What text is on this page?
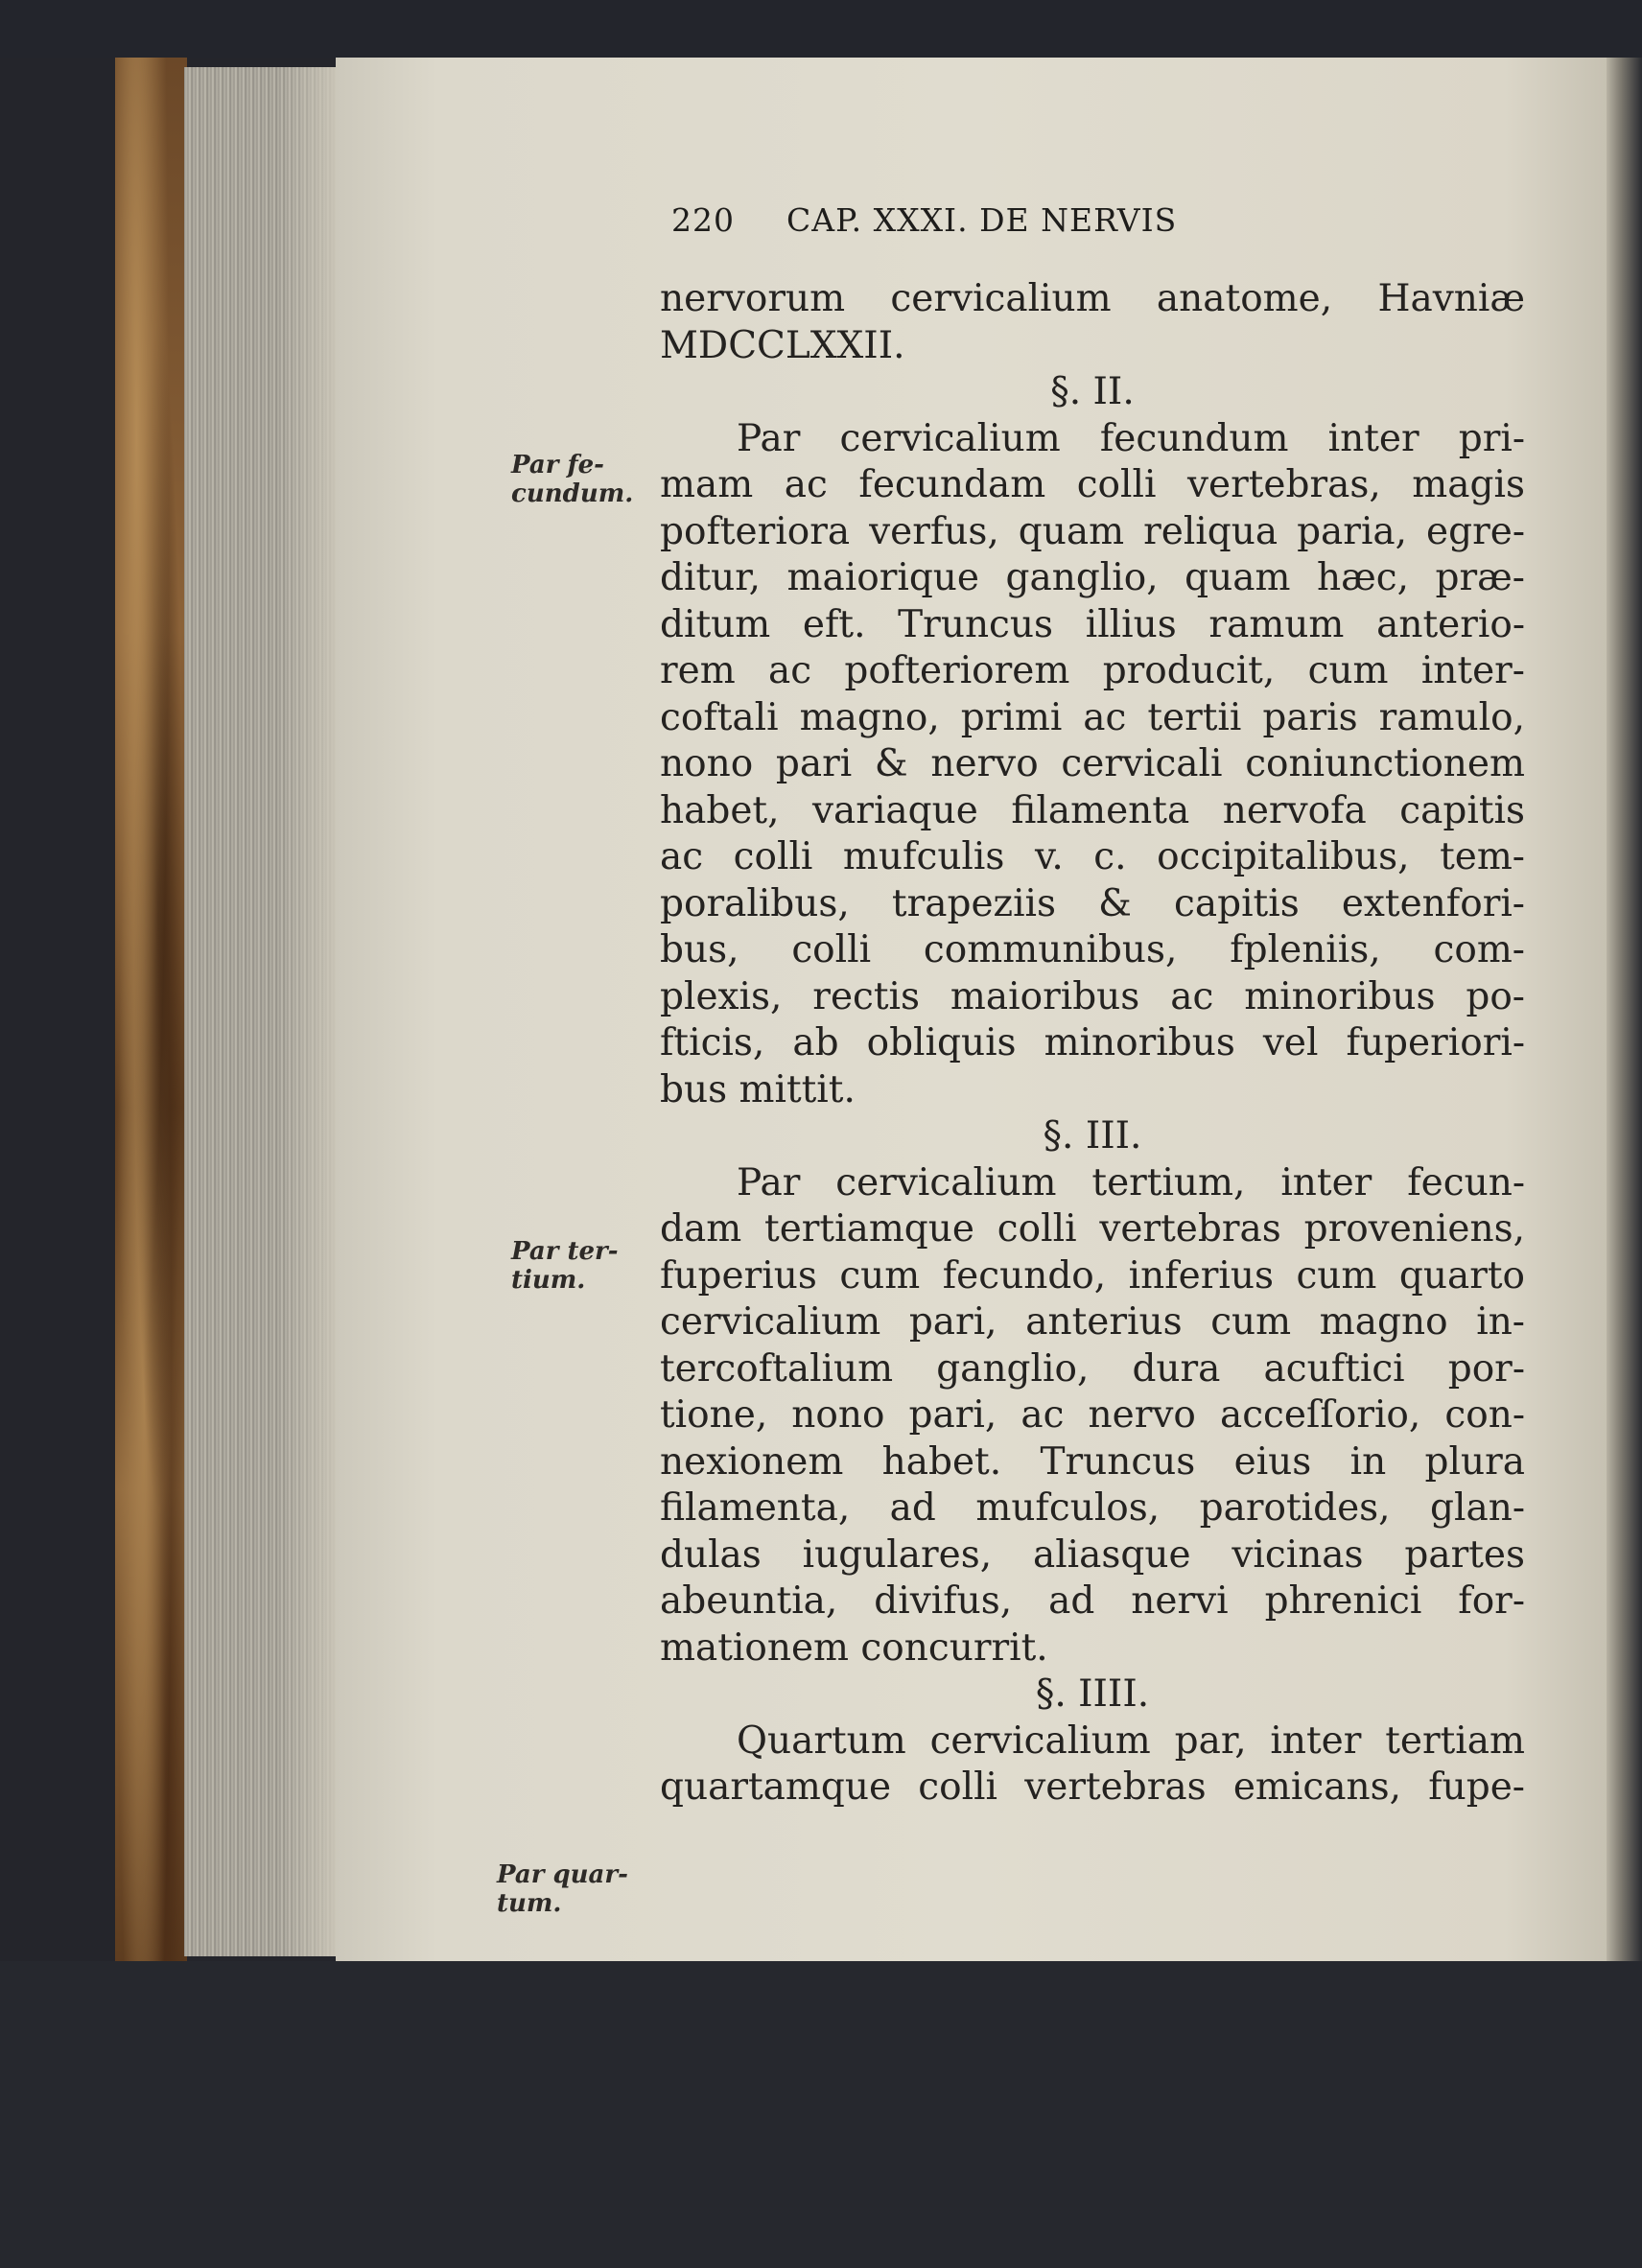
220 CAP. XXXI. DE NERVIS
Par fe-
cundum.
Par ter-
tium.
Par quar-
tum.
nervorum cervicalium anatome, Havniæ
MDCCLXXII.
§. II.
Par cervicalium fecundum inter pri-
mam ac fecundam colli vertebras, magis
pofteriora verfus, quam reliqua paria, egre-
ditur, maiorique ganglio, quam hæc, præ-
ditum eft. Truncus illius ramum anterio-
rem ac pofteriorem producit, cum inter-
coftali magno, primi ac tertii paris ramulo,
nono pari & nervo cervicali coniunctionem
habet, variaque filamenta nervofa capitis
ac colli mufculis v. c. occipitalibus, tem-
poralibus, trapeziis & capitis extenfori-
bus, colli communibus, fpleniis, com-
plexis, rectis maioribus ac minoribus po-
fticis, ab obliquis minoribus vel fuperiori-
bus mittit.
§. III.
Par cervicalium tertium, inter fecun-
dam tertiamque colli vertebras proveniens,
fuperius cum fecundo, inferius cum quarto
cervicalium pari, anterius cum magno in-
tercoftalium ganglio, dura acuftici por-
tione, nono pari, ac nervo acceſſorio, con-
nexionem habet. Truncus eius in plura
filamenta, ad mufculos, parotides, glan-
dulas iugulares, aliasque vicinas partes
abeuntia, divifus, ad nervi phrenici for-
mationem concurrit.
§. IIII.
Quartum cervicalium par, inter tertiam
quartamque colli vertebras emicans, fupe-
